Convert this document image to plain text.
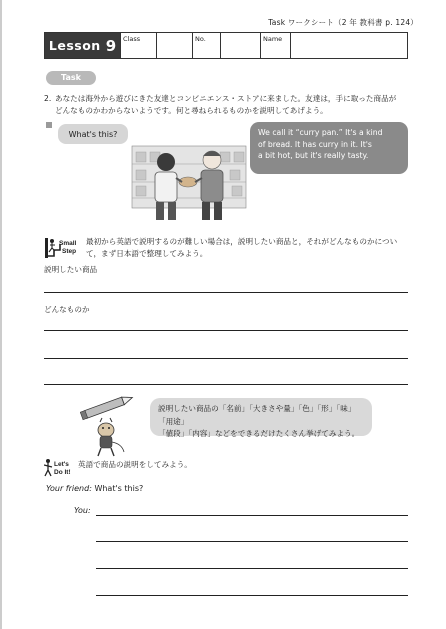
Task ワークシート（2 年 教科書 p. 124）
Lesson 9	Class	No.	Name
Task
2. あなたは海外から遊びにきた友達とコンビニエンス・ストアに来ました。友達は，手に取った商品が
どんなものかわからないようです。何と尋ねられるものかを説明してあげよう。
What's this?	We call it “curry pan.” It's a kind
of bread. It has curry in it. It's
a bit hot, but it's really tasty.
Small
Step
最初から英語で説明するのが難しい場合は，説明したい商品と，それがどんなものかについ
て，まず日本語で整理してみよう。
説明したい商品
どんなものか
説明したい商品の「名前」「大きさや量」「色」「形」「味」「用途」
「値段」「内容」などをできるだけたくさん挙げてみよう。
Let's
Do It!
英語で商品の説明をしてみよう。
Your friend: What's this?
You:
